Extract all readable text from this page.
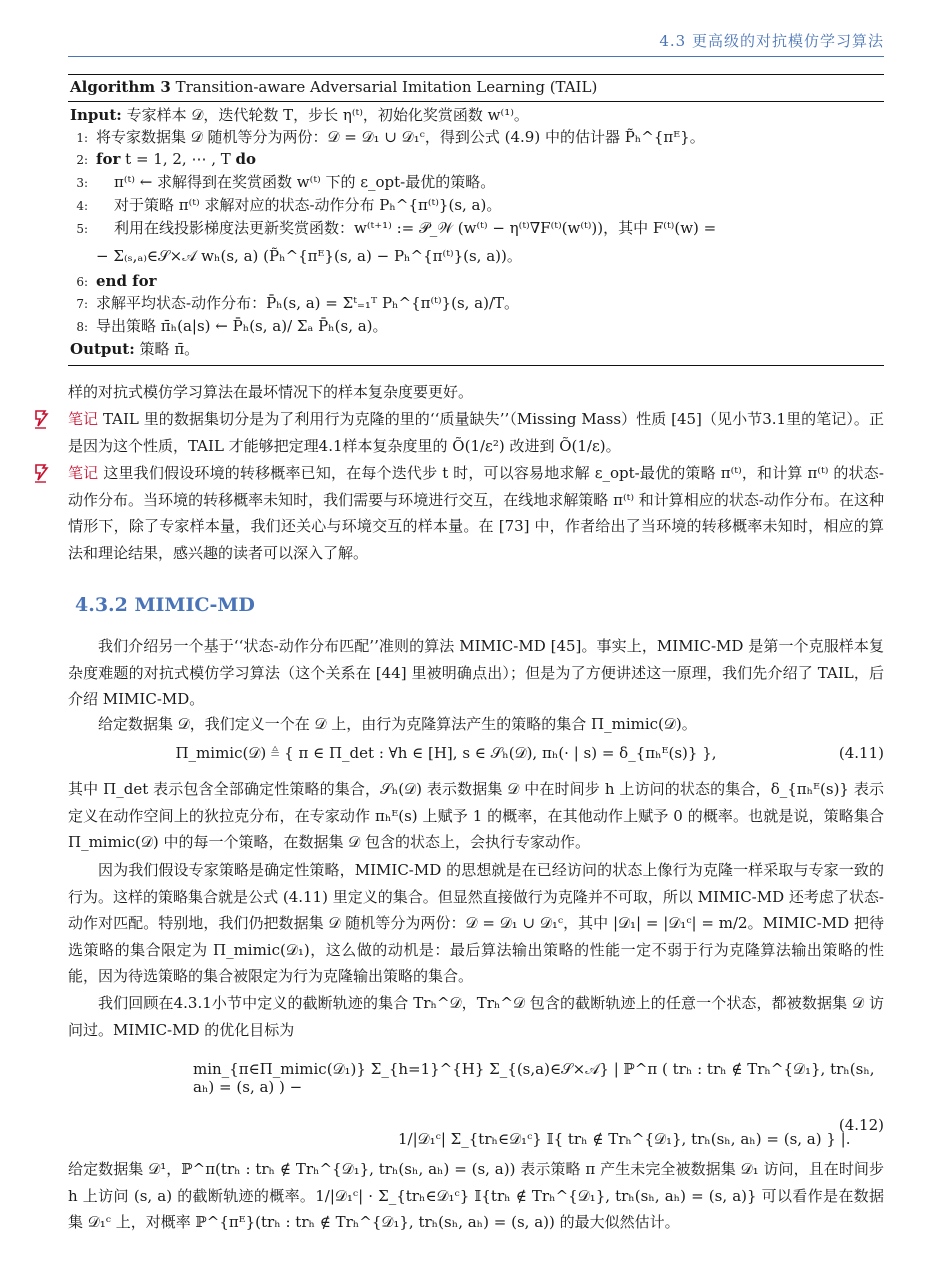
4.3 更高级的对抗模仿学习算法
Algorithm 3 Transition-aware Adversarial Imitation Learning (TAIL)
Input: 专家样本 𝒟，迭代轮数 T，步长 η⁽ᵗ⁾，初始化奖赏函数 w⁽¹⁾。
1: 将专家数据集 𝒟 随机等分为两份：𝒟 = 𝒟₁ ∪ 𝒟₁ᶜ，得到公式 (4.9) 中的估计器 P̃ₕ^{πᴱ}。
2: for t = 1, 2, ⋯ , T do
3: π⁽ᵗ⁾ ← 求解得到在奖赏函数 w⁽ᵗ⁾ 下的 ε_opt-最优的策略。
4: 对于策略 π⁽ᵗ⁾ 求解对应的状态-动作分布 Pₕ^{π⁽ᵗ⁾}(s, a)。
5: 利用在线投影梯度法更新奖赏函数：w⁽ᵗ⁺¹⁾ := 𝒫_𝒲 (w⁽ᵗ⁾ − η⁽ᵗ⁾∇F⁽ᵗ⁾(w⁽ᵗ⁾))，其中 F⁽ᵗ⁾(w) =
− Σ₍ₛ,ₐ₎∈𝒮×𝒜 wₕ(s, a) (P̃ₕ^{πᴱ}(s, a) − Pₕ^{π⁽ᵗ⁾}(s, a))。
6: end for
7: 求解平均状态-动作分布：P̄ₕ(s, a) = Σᵗ₌₁ᵀ Pₕ^{π⁽ᵗ⁾}(s, a)/T。
8: 导出策略 π̄ₕ(a|s) ← P̄ₕ(s, a)/ Σₐ P̄ₕ(s, a)。
Output: 策略 π̄。
样的对抗式模仿学习算法在最坏情况下的样本复杂度要更好。
笔记 TAIL 里的数据集切分是为了利用行为克隆的里的‘‘质量缺失’’（Missing Mass）性质 [45]（见小节3.1里的笔记）。正是因为这个性质，TAIL 才能够把定理4.1样本复杂度里的 Õ(1/ε²) 改进到 Õ(1/ε)。
笔记 这里我们假设环境的转移概率已知，在每个迭代步 t 时，可以容易地求解 ε_opt-最优的策略 π⁽ᵗ⁾，和计算 π⁽ᵗ⁾ 的状态-动作分布。当环境的转移概率未知时，我们需要与环境进行交互，在线地求解策略 π⁽ᵗ⁾ 和计算相应的状态-动作分布。在这种情形下，除了专家样本量，我们还关心与环境交互的样本量。在 [73] 中，作者给出了当环境的转移概率未知时，相应的算法和理论结果，感兴趣的读者可以深入了解。
4.3.2 MIMIC-MD
我们介绍另一个基于‘‘状态-动作分布匹配’’准则的算法 MIMIC-MD [45]。事实上，MIMIC-MD 是第一个克服样本复杂度难题的对抗式模仿学习算法（这个关系在 [44] 里被明确点出）；但是为了方便讲述这一原理，我们先介绍了 TAIL，后介绍 MIMIC-MD。
给定数据集 𝒟，我们定义一个在 𝒟 上，由行为克隆算法产生的策略的集合 Π_mimic(𝒟)。
Π_mimic(𝒟) ≜ { π ∈ Π_det : ∀h ∈ [H], s ∈ 𝒮ₕ(𝒟), πₕ(· | s) = δ_{πₕᴱ(s)} },	(4.11)
其中 Π_det 表示包含全部确定性策略的集合，𝒮ₕ(𝒟) 表示数据集 𝒟 中在时间步 h 上访问的状态的集合，δ_{πₕᴱ(s)} 表示定义在动作空间上的狄拉克分布，在专家动作 πₕᴱ(s) 上赋予 1 的概率，在其他动作上赋予 0 的概率。也就是说，策略集合 Π_mimic(𝒟) 中的每一个策略，在数据集 𝒟 包含的状态上，会执行专家动作。
因为我们假设专家策略是确定性策略，MIMIC-MD 的思想就是在已经访问的状态上像行为克隆一样采取与专家一致的行为。这样的策略集合就是公式 (4.11) 里定义的集合。但显然直接做行为克隆并不可取，所以 MIMIC-MD 还考虑了状态-动作对匹配。特别地，我们仍把数据集 𝒟 随机等分为两份：𝒟 = 𝒟₁ ∪ 𝒟₁ᶜ，其中 |𝒟₁| = |𝒟₁ᶜ| = m/2。MIMIC-MD 把待选策略的集合限定为 Π_mimic(𝒟₁)，这么做的动机是：最后算法输出策略的性能一定不弱于行为克隆算法输出策略的性能，因为待选策略的集合被限定为行为克隆输出策略的集合。
我们回顾在4.3.1小节中定义的截断轨迹的集合 Trₕ^𝒟，Trₕ^𝒟 包含的截断轨迹上的任意一个状态，都被数据集 𝒟 访问过。MIMIC-MD 的优化目标为
min_{π∈Π_mimic(𝒟₁)} Σ_{h=1}^{H} Σ_{(s,a)∈𝒮×𝒜} | ℙ^π ( trₕ : trₕ ∉ Trₕ^{𝒟₁}, trₕ(sₕ, aₕ) = (s, a) ) −
1/|𝒟₁ᶜ| Σ_{trₕ∈𝒟₁ᶜ} 𝕀{ trₕ ∉ Trₕ^{𝒟₁}, trₕ(sₕ, aₕ) = (s, a) } |.
(4.12)
给定数据集 𝒟¹，ℙ^π(trₕ : trₕ ∉ Trₕ^{𝒟₁}, trₕ(sₕ, aₕ) = (s, a)) 表示策略 π 产生未完全被数据集 𝒟₁ 访问，且在时间步 h 上访问 (s, a) 的截断轨迹的概率。1/|𝒟₁ᶜ| · Σ_{trₕ∈𝒟₁ᶜ} 𝕀{trₕ ∉ Trₕ^{𝒟₁}, trₕ(sₕ, aₕ) = (s, a)} 可以看作是在数据集 𝒟₁ᶜ 上，对概率 ℙ^{πᴱ}(trₕ : trₕ ∉ Trₕ^{𝒟₁}, trₕ(sₕ, aₕ) = (s, a)) 的最大似然估计。
